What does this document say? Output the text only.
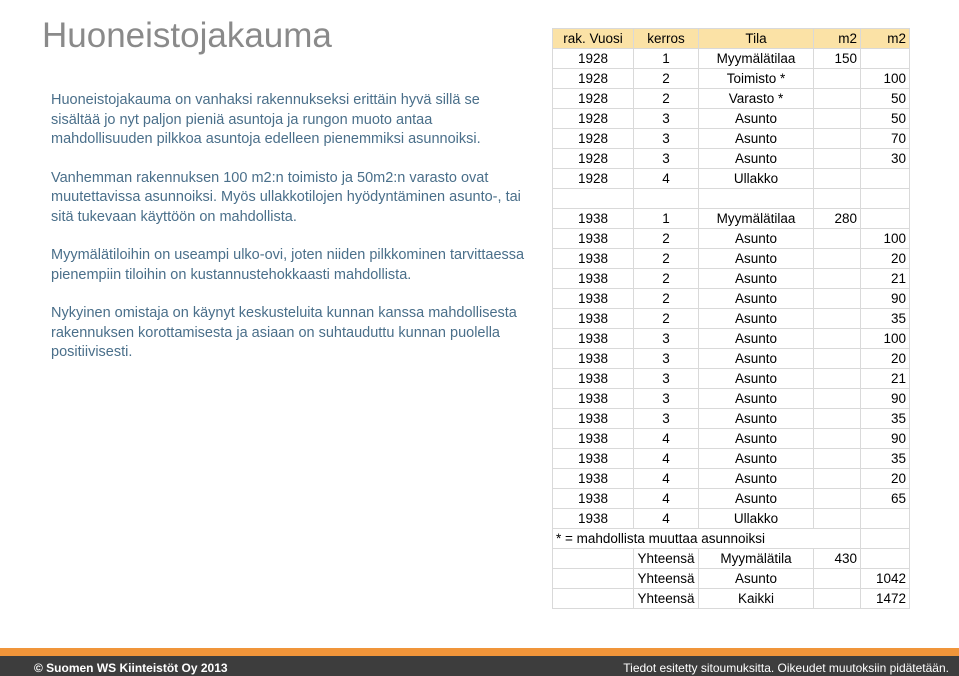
Huoneistojakauma

Huoneistojakauma on vanhaksi rakennukseksi erittäin hyvä sillä se sisältää jo nyt paljon pieniä asuntoja ja rungon muoto antaa mahdollisuuden pilkkoa asuntoja edelleen pienemmiksi asunnoiksi.

Vanhemman rakennuksen 100 m2:n toimisto ja 50m2:n varasto ovat muutettavissa asunnoiksi. Myös ullakkotilojen hyödyntäminen asunto-, tai sitä tukevaan käyttöön on mahdollista.

Myymälätiloihin on useampi ulko-ovi, joten niiden pilkkominen tarvittaessa pienempiin tiloihin on kustannustehokkaasti mahdollista.

Nykyinen omistaja on käynyt keskusteluita kunnan kanssa mahdollisesta rakennuksen korottamisesta ja asiaan on suhtauduttu kunnan puolella positiivisesti.

rak. Vuosi	kerros	Tila	m2	m2
1928	1	Myymälätilaa	150	
1928	2	Toimisto *		100
1928	2	Varasto *		50
1928	3	Asunto		50
1928	3	Asunto		70
1928	3	Asunto		30
1928	4	Ullakko		

1938	1	Myymälätilaa	280	
1938	2	Asunto		100
1938	2	Asunto		20
1938	2	Asunto		21
1938	2	Asunto		90
1938	2	Asunto		35
1938	3	Asunto		100
1938	3	Asunto		20
1938	3	Asunto		21
1938	3	Asunto		90
1938	3	Asunto		35
1938	4	Asunto		90
1938	4	Asunto		35
1938	4	Asunto		20
1938	4	Asunto		65
1938	4	Ullakko		
* = mahdollista muuttaa asunnoiksi				
	Yhteensä	Myymälätila	430	
	Yhteensä	Asunto		1042
	Yhteensä	Kaikki		1472
© Suomen WS Kiinteistöt Oy 2013	Tiedot esitetty sitoumuksitta. Oikeudet muutoksiin pidätetään.
